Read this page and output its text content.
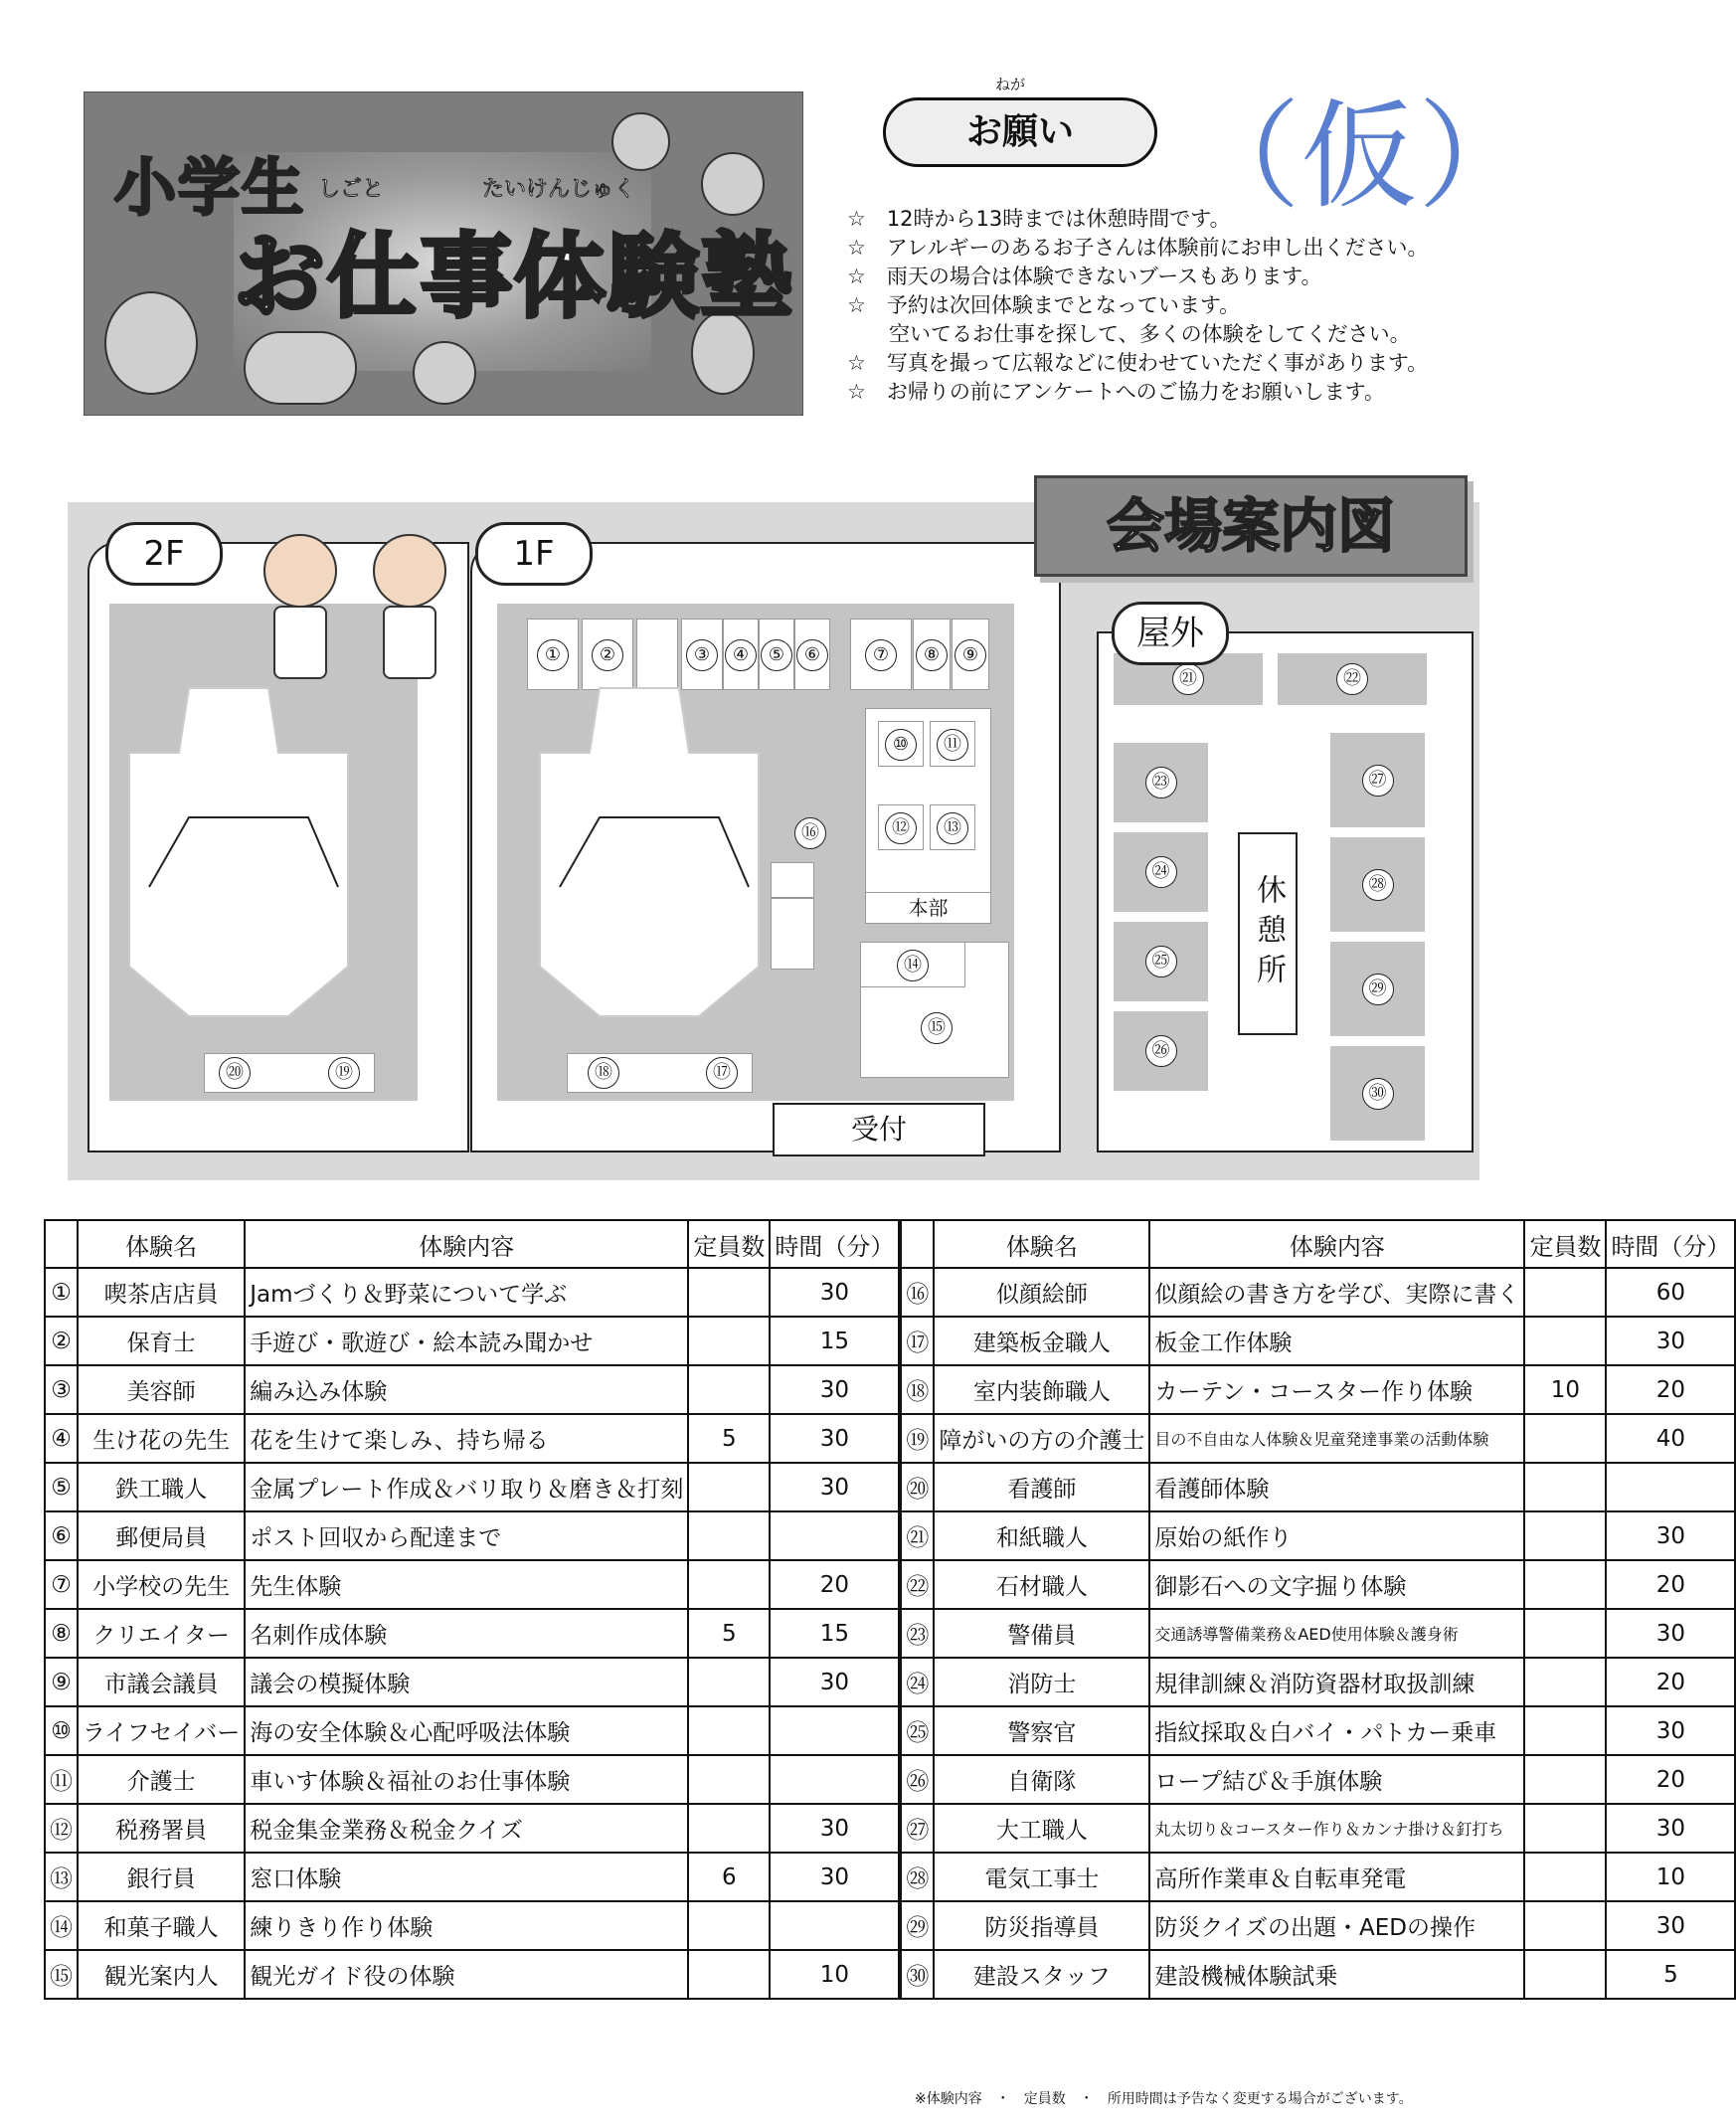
小学生 しごと	たいけんじゅく
お仕事体験塾
ねが
お願い （仮）
☆　12時から13時までは休憩時間です。
☆　アレルギーのあるお子さんは体験前にお申し出ください。
☆　雨天の場合は体験できないブースもあります。
☆　予約は次回体験までとなっています。
　　空いてるお仕事を探して、多くの体験をしてください。
☆　写真を撮って広報などに使わせていただく事があります。
☆　お帰りの前にアンケートへのご協力をお願いします。
⑳	⑲
2F
①	②	③	④	⑤	⑥	⑦	⑧	⑨
⑩	⑪
⑫	⑬
本部
⑯
⑱	⑰
⑭
⑮
受付
1F	会場案内図
㉑	㉒
㉓
㉔
㉕
㉖
休憩所
㉗
㉘
㉙
㉚
屋外
	体験名	体験内容	定員数	時間（分）		体験名	体験内容	定員数	時間（分）
①	喫茶店店員	Jamづくり＆野菜について学ぶ		30	⑯	似顔絵師	似顔絵の書き方を学び、実際に書く		60
②	保育士	手遊び・歌遊び・絵本読み聞かせ		15	⑰	建築板金職人	板金工作体験		30
③	美容師	編み込み体験		30	⑱	室内装飾職人	カーテン・コースター作り体験	10	20
④	生け花の先生	花を生けて楽しみ、持ち帰る	5	30	⑲	障がいの方の介護士	目の不自由な人体験＆児童発達事業の活動体験		40
⑤	鉄工職人	金属プレート作成＆バリ取り＆磨き＆打刻		30	⑳	看護師	看護師体験		
⑥	郵便局員	ポスト回収から配達まで			㉑	和紙職人	原始の紙作り		30
⑦	小学校の先生	先生体験		20	㉒	石材職人	御影石への文字掘り体験		20
⑧	クリエイター	名刺作成体験	5	15	㉓	警備員	交通誘導警備業務＆AED使用体験＆護身術		30
⑨	市議会議員	議会の模擬体験		30	㉔	消防士	規律訓練＆消防資器材取扱訓練		20
⑩	ライフセイバー	海の安全体験＆心配呼吸法体験			㉕	警察官	指紋採取＆白バイ・パトカー乗車		30
⑪	介護士	車いす体験＆福祉のお仕事体験			㉖	自衛隊	ロープ結び＆手旗体験		20
⑫	税務署員	税金集金業務＆税金クイズ		30	㉗	大工職人	丸太切り＆コースター作り＆カンナ掛け＆釘打ち		30
⑬	銀行員	窓口体験	6	30	㉘	電気工事士	高所作業車＆自転車発電		10
⑭	和菓子職人	練りきり作り体験			㉙	防災指導員	防災クイズの出題・AEDの操作		30
⑮	観光案内人	観光ガイド役の体験		10	㉚	建設スタッフ	建設機械体験試乗		5
※体験内容　・　定員数　・　所用時間は予告なく変更する場合がございます。
